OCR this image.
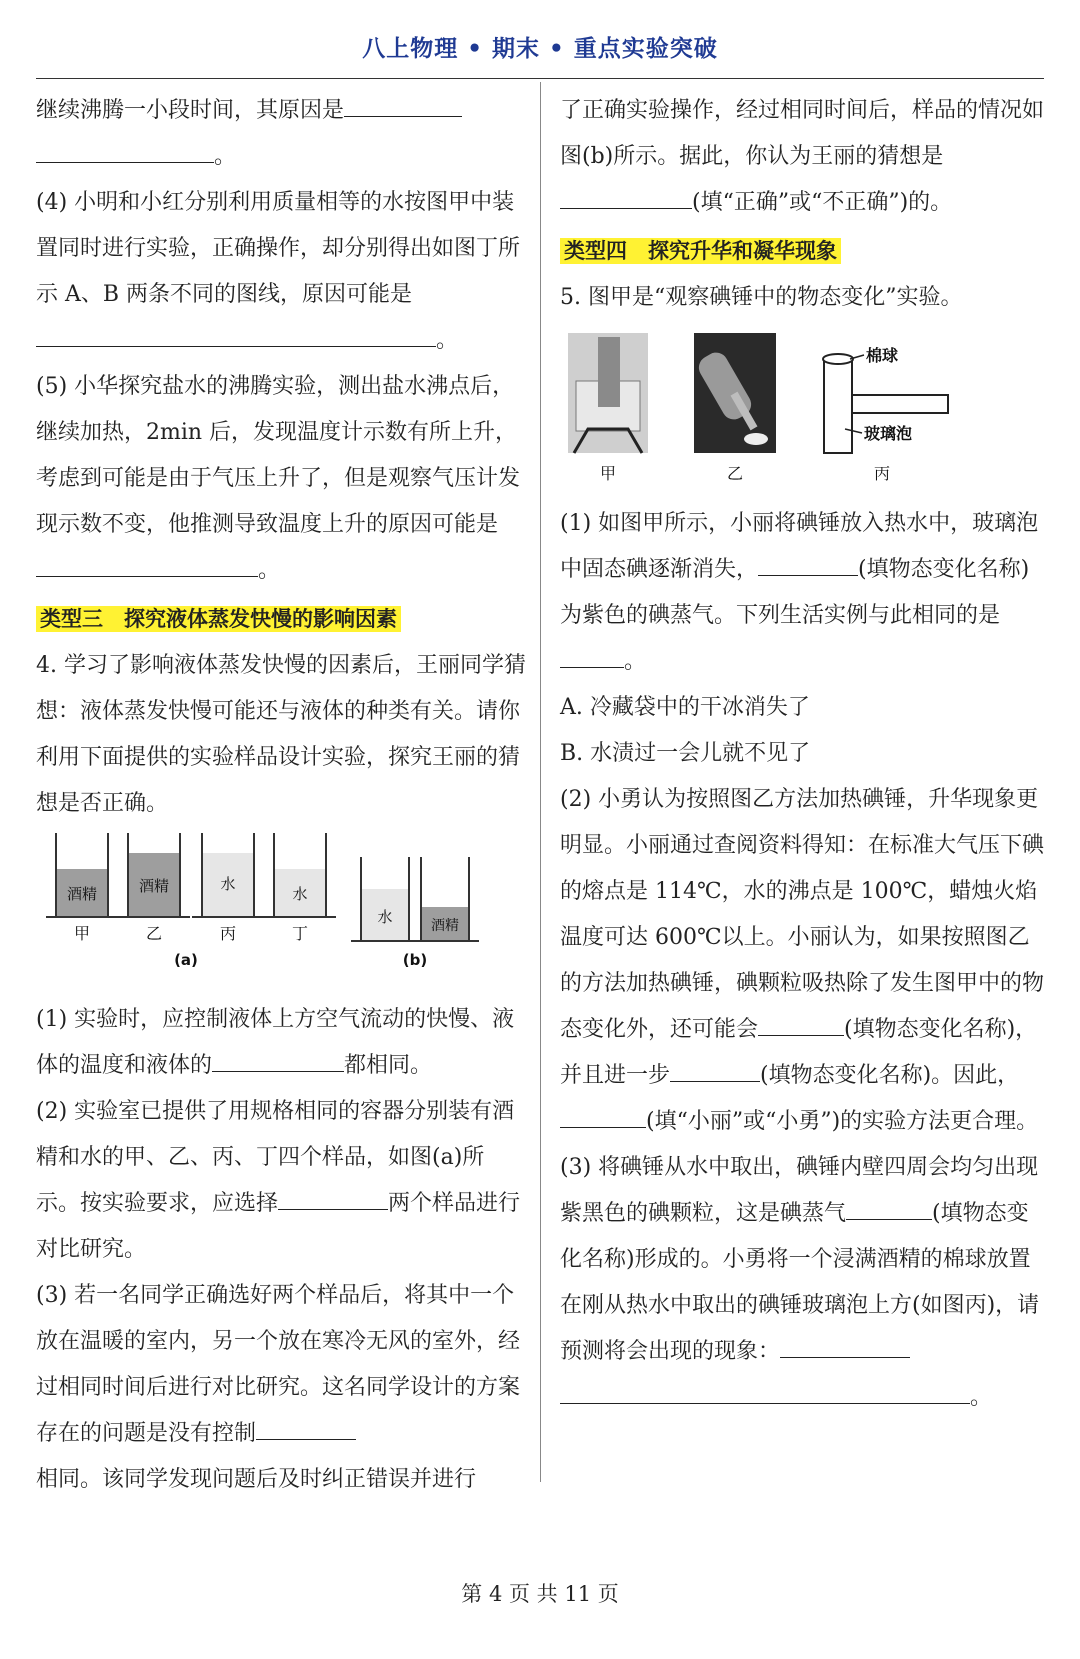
八上物理 • 期末 • 重点实验突破

继续沸腾一小段时间，其原因是
。

(4) 小明和小红分别利用质量相等的水按图甲中装置同时进行实验，正确操作，却分别得出如图丁所示 A、B 两条不同的图线，原因可能是。

(5) 小华探究盐水的沸腾实验，测出盐水沸点后，继续加热，2min 后，发现温度计示数有所上升，考虑到可能是由于气压上升了，但是观察气压计发现示数不变，他推测导致温度上升的原因可能是。

类型三　探究液体蒸发快慢的影响因素

4. 学习了影响液体蒸发快慢的因素后，王丽同学猜想：液体蒸发快慢可能还与液体的种类有关。请你利用下面提供的实验样品设计实验，探究王丽的猜想是否正确。

酒精
甲
酒精
乙
水
丙
水
丁
(a)
水	酒精
(b)

(1) 实验时，应控制液体上方空气流动的快慢、液体的温度和液体的	都相同。

(2) 实验室已提供了用规格相同的容器分别装有酒精和水的甲、乙、丙、丁四个样品，如图(a)所示。按实验要求，应选择	两个样品进行对比研究。

(3) 若一名同学正确选好两个样品后，将其中一个放在温暖的室内，另一个放在寒冷无风的室外，经过相同时间后进行对比研究。这名同学设计的方案存在的问题是没有控制
相同。该同学发现问题后及时纠正错误并进行

了正确实验操作，经过相同时间后，样品的情况如图(b)所示。据此，你认为王丽的猜想是
(填“正确”或“不正确”)的。

类型四　探究升华和凝华现象

5. 图甲是“观察碘锤中的物态变化”实验。

甲	乙
棉球
玻璃泡
丙

(1) 如图甲所示，小丽将碘锤放入热水中，玻璃泡中固态碘逐渐消失，	(填物态变化名称)为紫色的碘蒸气。下列生活实例与此相同的是。

A. 冷藏袋中的干冰消失了

B. 水渍过一会儿就不见了

(2) 小勇认为按照图乙方法加热碘锤，升华现象更明显。小丽通过查阅资料得知：在标准大气压下碘的熔点是 114℃，水的沸点是 100℃，蜡烛火焰温度可达 600℃以上。小丽认为，如果按照图乙的方法加热碘锤，碘颗粒吸热除了发生图甲中的物态变化外，还可能会	(填物态变化名称)，并且进一步	(填物态变化名称)。因此，(填“小丽”或“小勇”)的实验方法更合理。

(3) 将碘锤从水中取出，碘锤内壁四周会均匀出现紫黑色的碘颗粒，这是碘蒸气	(填物态变化名称)形成的。小勇将一个浸满酒精的棉球放置在刚从热水中取出的碘锤玻璃泡上方(如图丙)，请预测将会出现的现象：
。

第 4 页 共 11 页
